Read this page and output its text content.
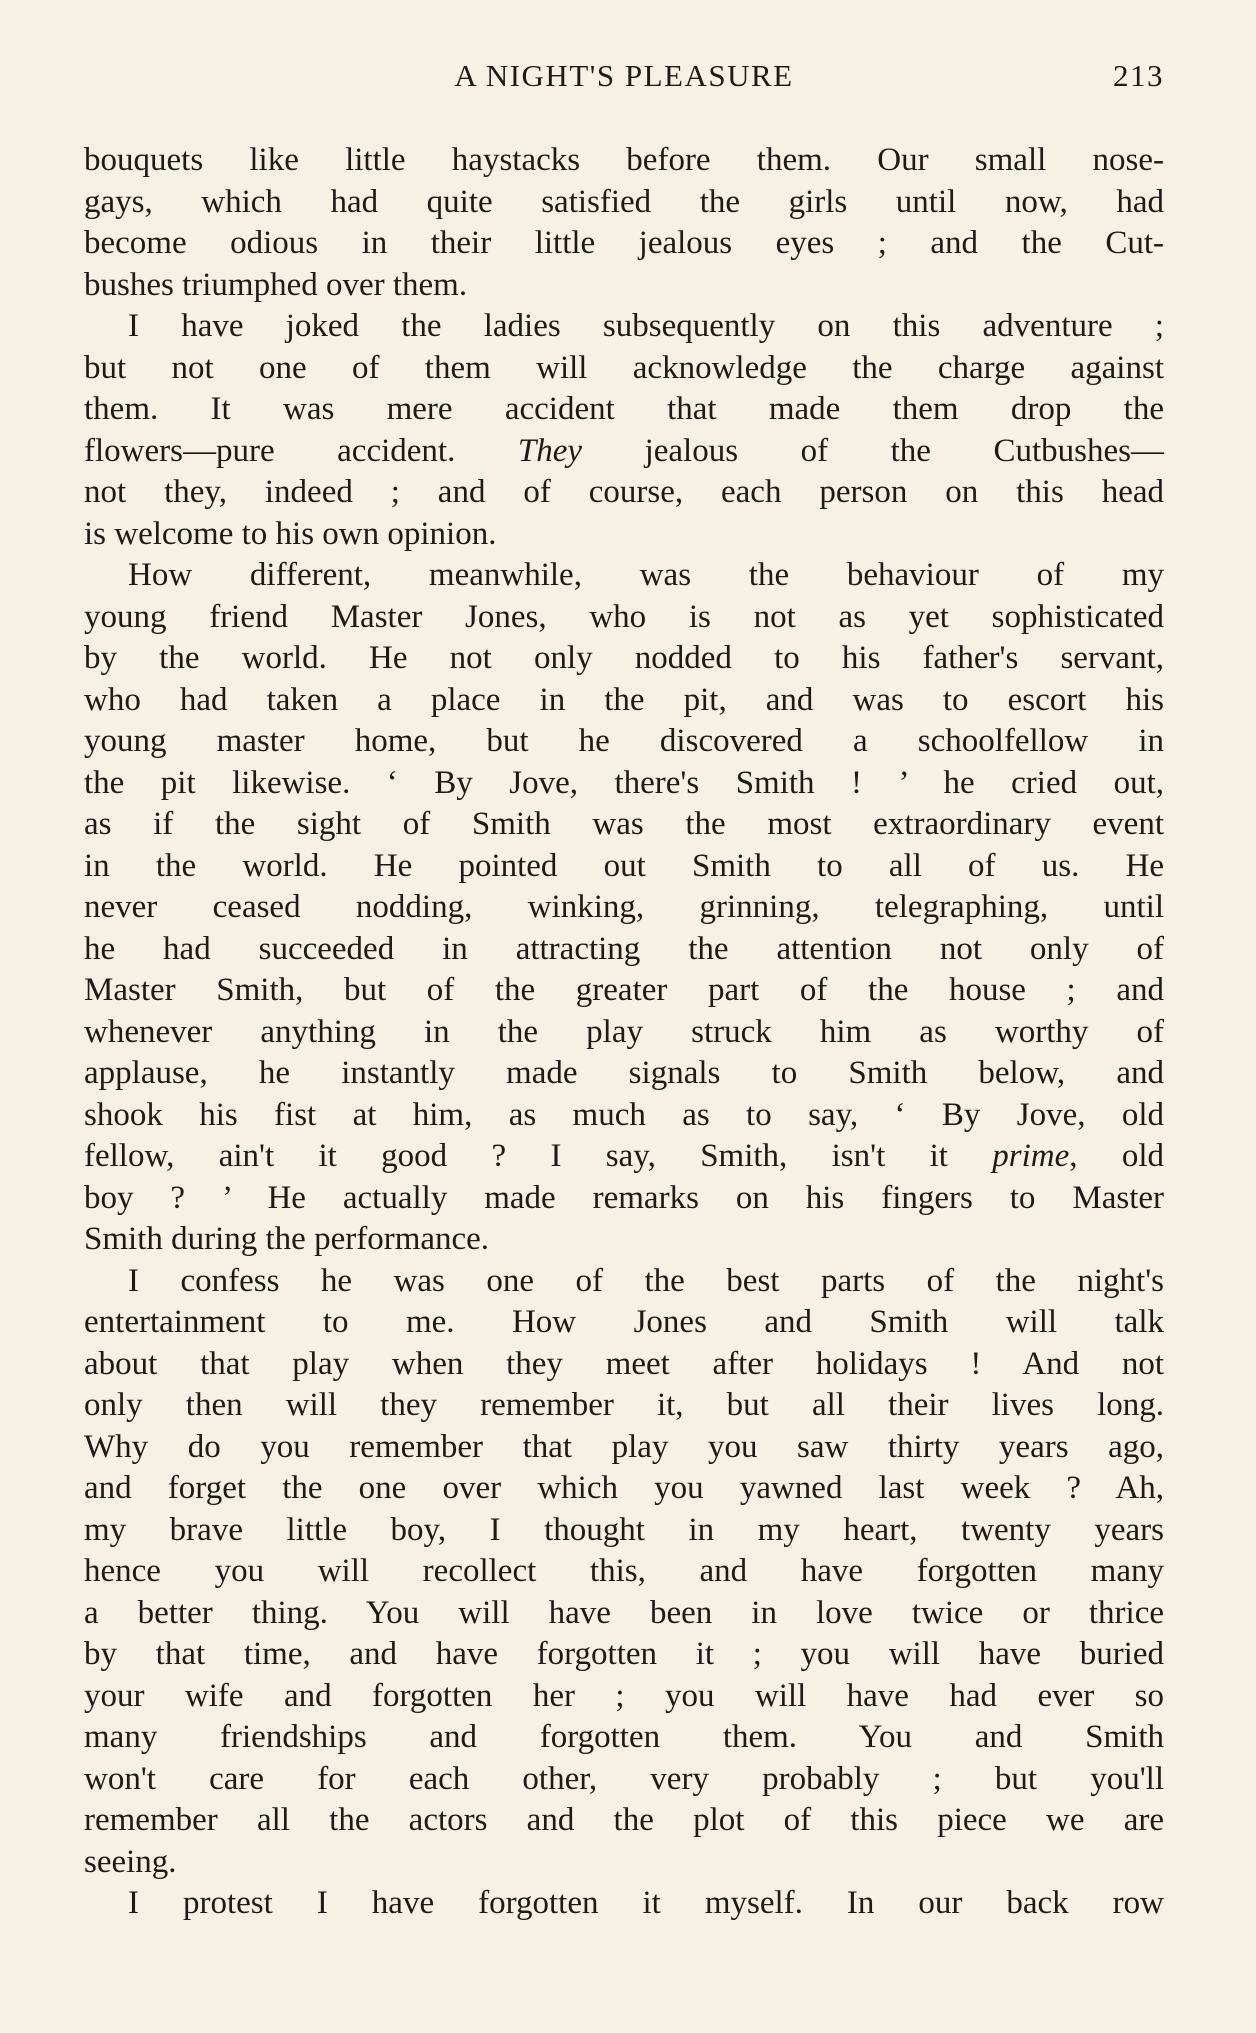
A NIGHT'S PLEASURE	213
bouquets like little haystacks before them. Our small nose-
gays, which had quite satisfied the girls until now, had
become odious in their little jealous eyes ; and the Cut-
bushes triumphed over them.
I have joked the ladies subsequently on this adventure ;
but not one of them will acknowledge the charge against
them. It was mere accident that made them drop the
flowers—pure accident. They jealous of the Cutbushes—
not they, indeed ; and of course, each person on this head
is welcome to his own opinion.
How different, meanwhile, was the behaviour of my
young friend Master Jones, who is not as yet sophisticated
by the world. He not only nodded to his father's servant,
who had taken a place in the pit, and was to escort his
young master home, but he discovered a schoolfellow in
the pit likewise. ‘ By Jove, there's Smith ! ’ he cried out,
as if the sight of Smith was the most extraordinary event
in the world. He pointed out Smith to all of us. He
never ceased nodding, winking, grinning, telegraphing, until
he had succeeded in attracting the attention not only of
Master Smith, but of the greater part of the house ; and
whenever anything in the play struck him as worthy of
applause, he instantly made signals to Smith below, and
shook his fist at him, as much as to say, ‘ By Jove, old
fellow, ain't it good ? I say, Smith, isn't it prime, old
boy ? ’ He actually made remarks on his fingers to Master
Smith during the performance.
I confess he was one of the best parts of the night's
entertainment to me. How Jones and Smith will talk
about that play when they meet after holidays ! And not
only then will they remember it, but all their lives long.
Why do you remember that play you saw thirty years ago,
and forget the one over which you yawned last week ? Ah,
my brave little boy, I thought in my heart, twenty years
hence you will recollect this, and have forgotten many
a better thing. You will have been in love twice or thrice
by that time, and have forgotten it ; you will have buried
your wife and forgotten her ; you will have had ever so
many friendships and forgotten them. You and Smith
won't care for each other, very probably ; but you'll
remember all the actors and the plot of this piece we are
seeing.
I protest I have forgotten it myself. In our back row
